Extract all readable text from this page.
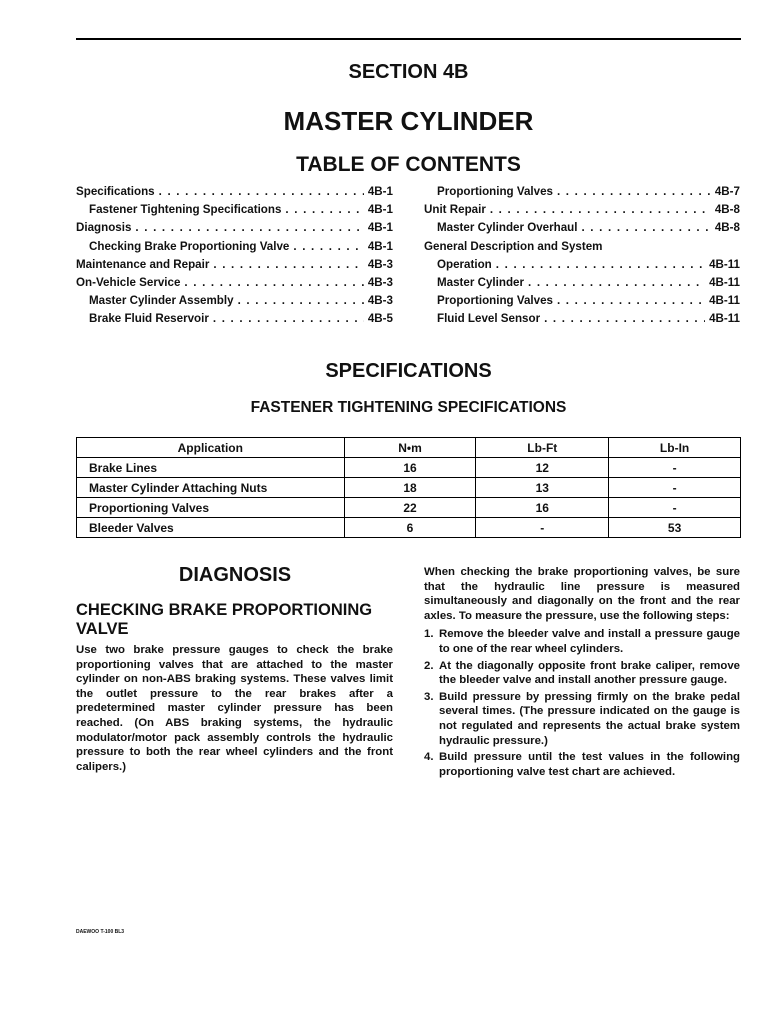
SECTION 4B
MASTER CYLINDER
TABLE OF CONTENTS
Specifications . . .	4B-1
Fastener Tightening Specifications . . .	4B-1
Diagnosis . . .	4B-1
Checking Brake Proportioning Valve . . .	4B-1
Maintenance and Repair . . .	4B-3
On-Vehicle Service . . .	4B-3
Master Cylinder Assembly . . .	4B-3
Brake Fluid Reservoir . . .	4B-5
Proportioning Valves . . .	4B-7
Unit Repair . . .	4B-8
Master Cylinder Overhaul . . .	4B-8
General Description and System
Operation . . .	4B-11
Master Cylinder . . .	4B-11
Proportioning Valves . . .	4B-11
Fluid Level Sensor . . .	4B-11
SPECIFICATIONS
FASTENER TIGHTENING SPECIFICATIONS
Application	N•m	Lb-Ft	Lb-In
Brake Lines	16	12	-
Master Cylinder Attaching Nuts	18	13	-
Proportioning Valves	22	16	-
Bleeder Valves	6	-	53
DIAGNOSIS
CHECKING BRAKE PROPORTIONING VALVE
Use two brake pressure gauges to check the brake proportioning valves that are attached to the master cylinder on non-ABS braking systems. These valves limit the outlet pressure to the rear brakes after a predetermined master cylinder pressure has been reached. (On ABS braking systems, the hydraulic modulator/motor pack assembly controls the hydraulic pressure to both the rear wheel cylinders and the front calipers.)

When checking the brake proportioning valves, be sure that the hydraulic line pressure is measured simultaneously and diagonally on the front and the rear axles. To measure the pressure, use the following steps:

1. Remove the bleeder valve and install a pressure gauge to one of the rear wheel cylinders.
2. At the diagonally opposite front brake caliper, remove the bleeder valve and install another pressure gauge.
3. Build pressure by pressing firmly on the brake pedal several times. (The pressure indicated on the gauge is not regulated and represents the actual brake system hydraulic pressure.)
4. Build pressure until the test values in the following proportioning valve test chart are achieved.
DAEWOO T-100 BL3
